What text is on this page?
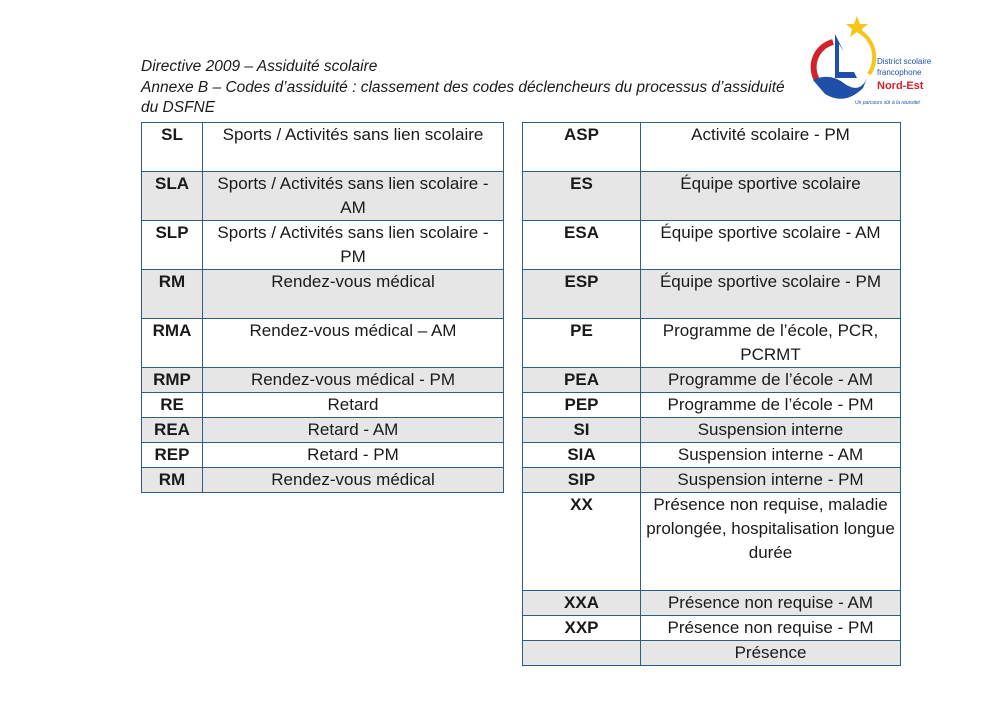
Directive 2009 – Assiduité scolaire
Annexe B – Codes d’assiduité : classement des codes déclencheurs du processus d’assiduité du DSFNE
District scolaire
francophone
Nord-Est
Un parcours sûr à la réussite!
SL	Sports / Activités sans lien scolaire
SLA	Sports / Activités sans lien scolaire - AM
SLP	Sports / Activités sans lien scolaire - PM
RM	Rendez-vous médical
RMA	Rendez-vous médical – AM
RMP	Rendez-vous médical - PM
RE	Retard
REA	Retard - AM
REP	Retard - PM
RM	Rendez-vous médical
ASP	Activité scolaire - PM
ES	Équipe sportive scolaire
ESA	Équipe sportive scolaire - AM
ESP	Équipe sportive scolaire - PM
PE	Programme de l’école, PCR, PCRMT
PEA	Programme de l’école - AM
PEP	Programme de l’école - PM
SI	Suspension interne
SIA	Suspension interne - AM
SIP	Suspension interne - PM
XX	Présence non requise, maladie prolongée, hospitalisation longue durée
XXA	Présence non requise - AM
XXP	Présence non requise - PM
	Présence
